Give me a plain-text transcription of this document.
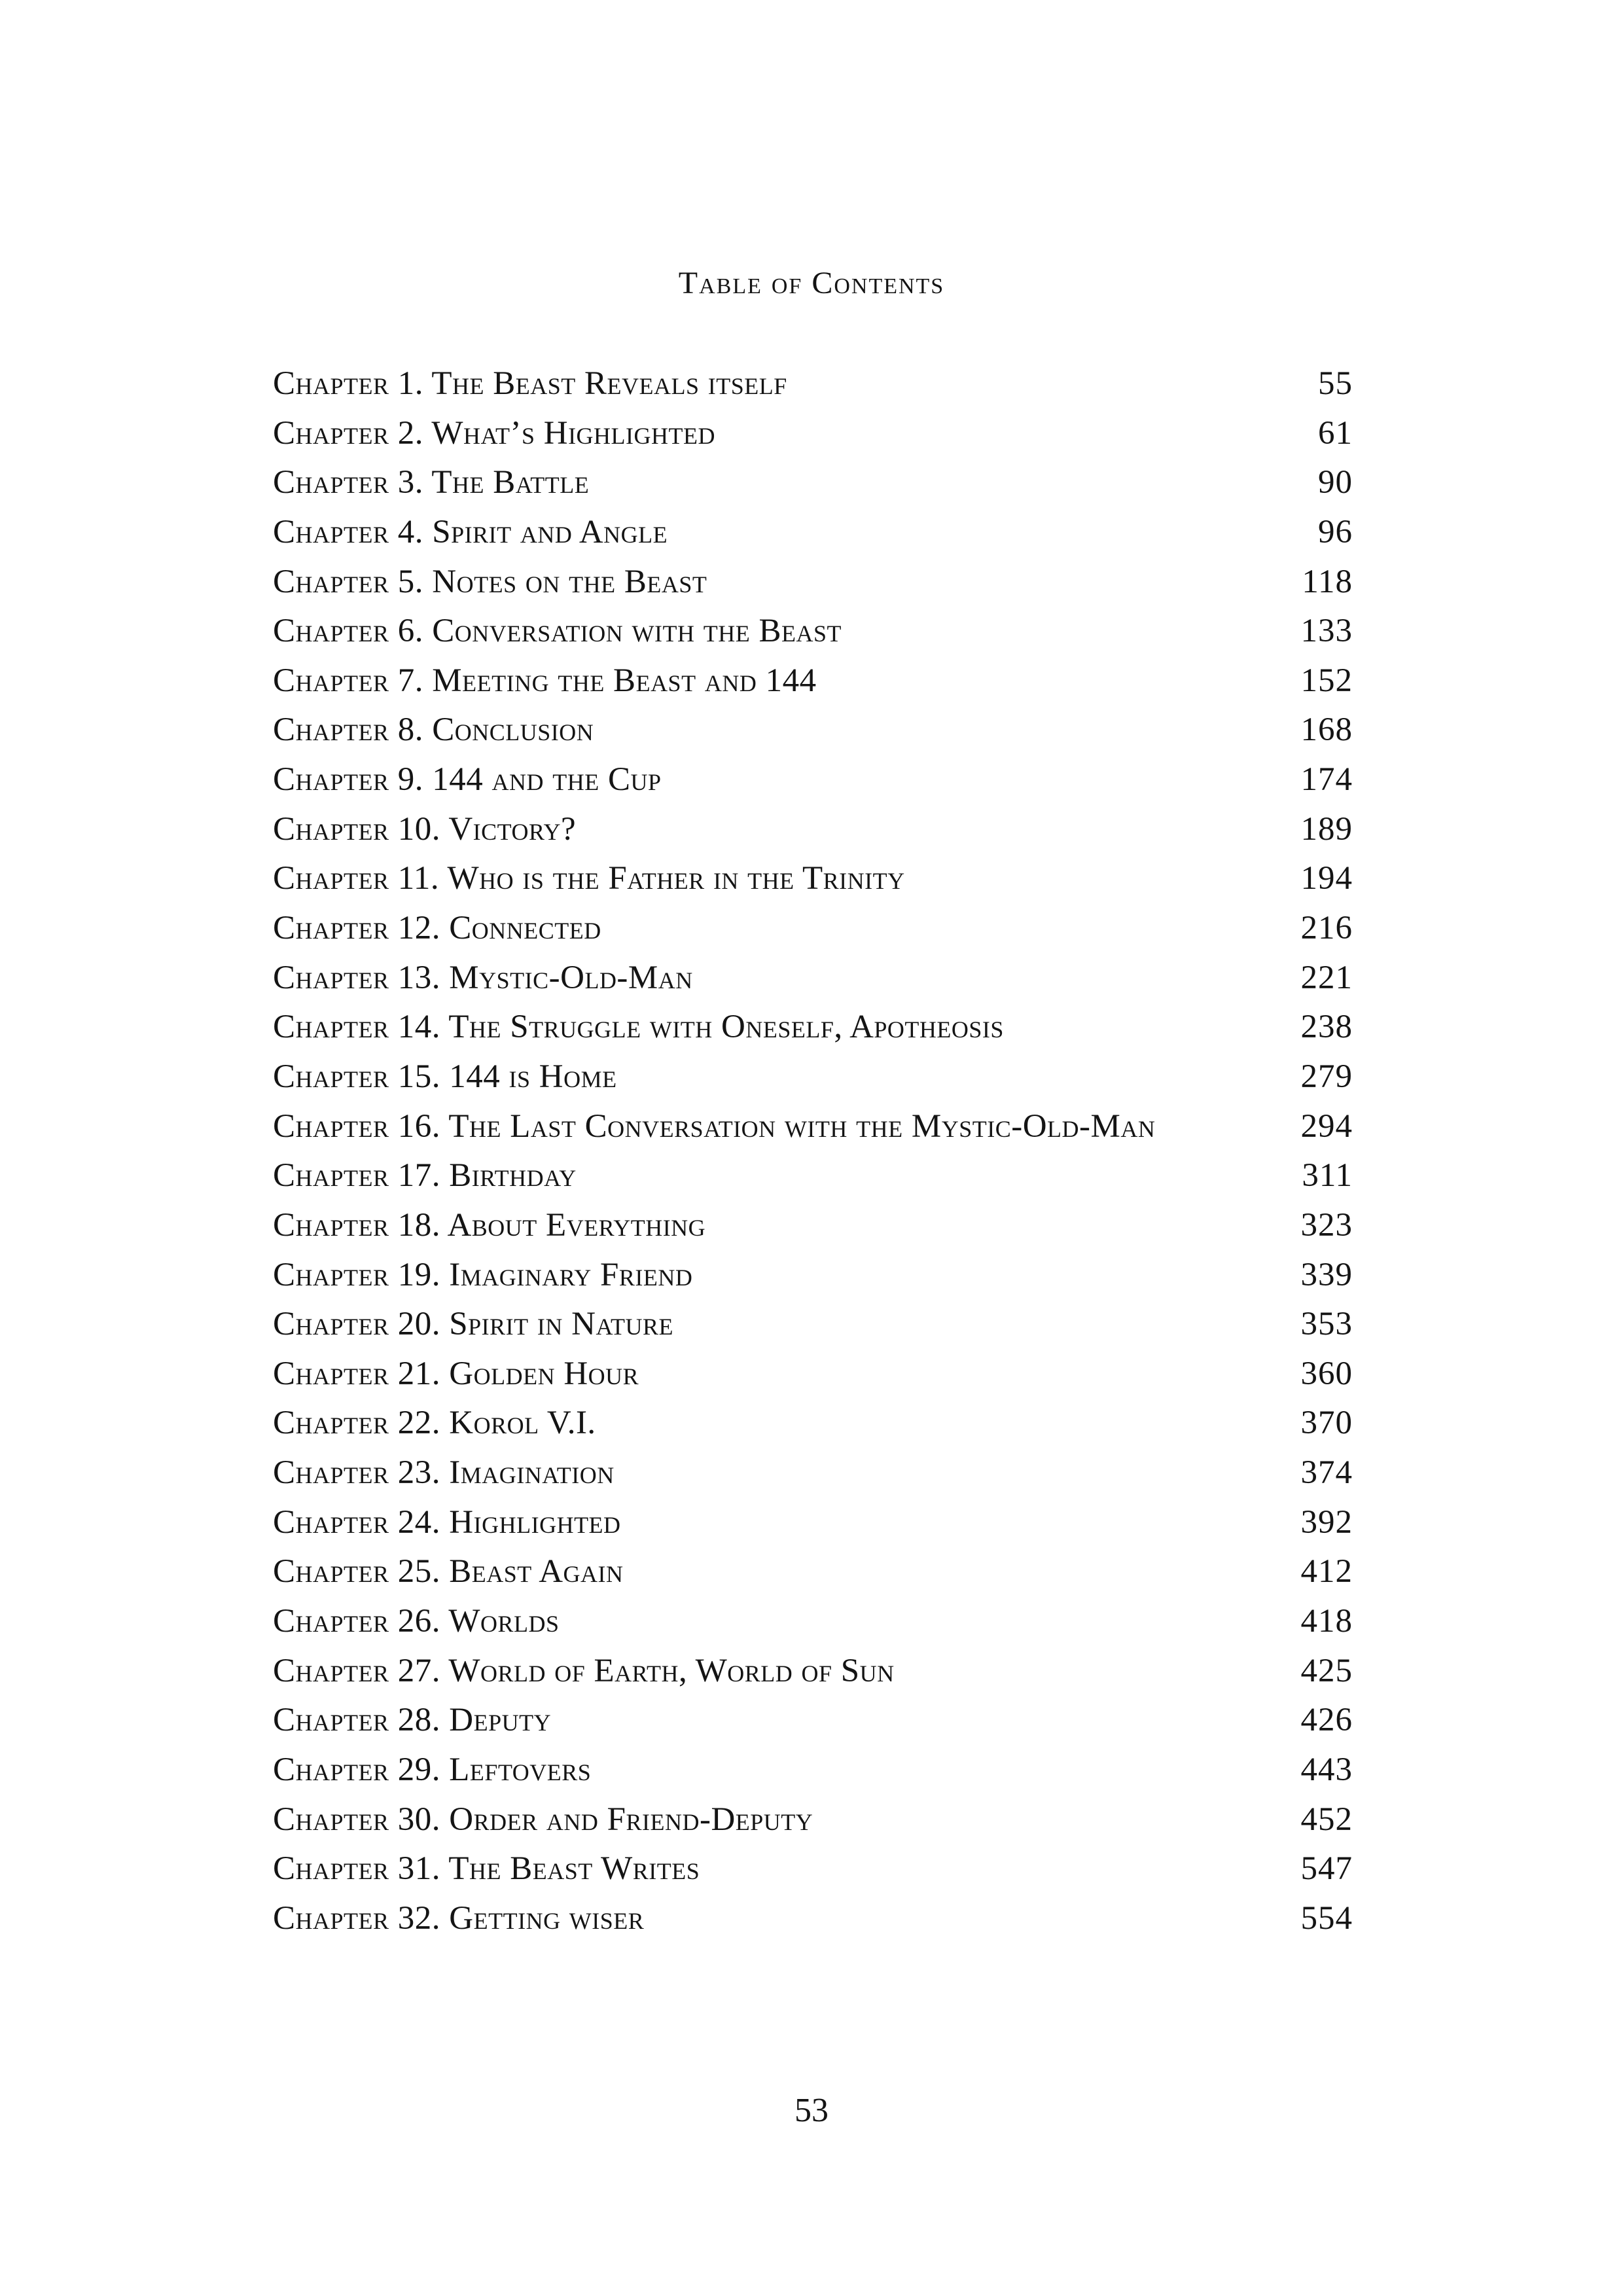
Table of Contents
Chapter 1. The Beast Reveals itself	55
Chapter 2. What’s Highlighted	61
Chapter 3. The Battle	90
Chapter 4. Spirit and Angle	96
Chapter 5. Notes on the Beast	118
Chapter 6. Conversation with the Beast	133
Chapter 7. Meeting the Beast and 144	152
Chapter 8. Conclusion	168
Chapter 9. 144 and the Cup	174
Chapter 10. Victory?	189
Chapter 11. Who is the Father in the Trinity	194
Chapter 12. Connected	216
Chapter 13. Mystic-Old-Man	221
Chapter 14. The Struggle with Oneself, Apotheosis	238
Chapter 15. 144 is Home	279
Chapter 16. The Last Conversation with the Mystic-Old-Man	294
Chapter 17. Birthday	311
Chapter 18. About Everything	323
Chapter 19. Imaginary Friend	339
Chapter 20. Spirit in Nature	353
Chapter 21. Golden Hour	360
Chapter 22. Korol V.I.	370
Chapter 23. Imagination	374
Chapter 24. Highlighted	392
Chapter 25. Beast Again	412
Chapter 26. Worlds	418
Chapter 27. World of Earth, World of Sun	425
Chapter 28. Deputy	426
Chapter 29. Leftovers	443
Chapter 30. Order and Friend-Deputy	452
Chapter 31. The Beast Writes	547
Chapter 32. Getting wiser	554
53
